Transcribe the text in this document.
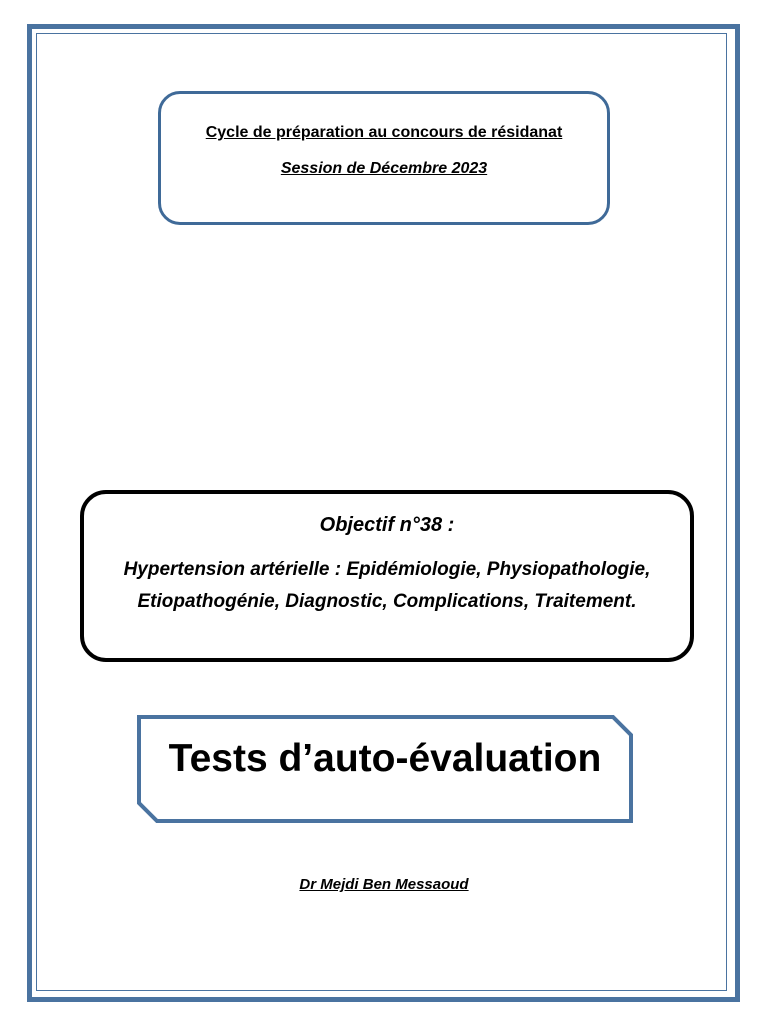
Cycle de préparation au concours de résidanat
Session de Décembre 2023
Objectif n°38 :
Hypertension artérielle : Epidémiologie, Physiopathologie, Etiopathogénie, Diagnostic, Complications, Traitement.
Tests d’auto-évaluation
Dr Mejdi Ben Messaoud
